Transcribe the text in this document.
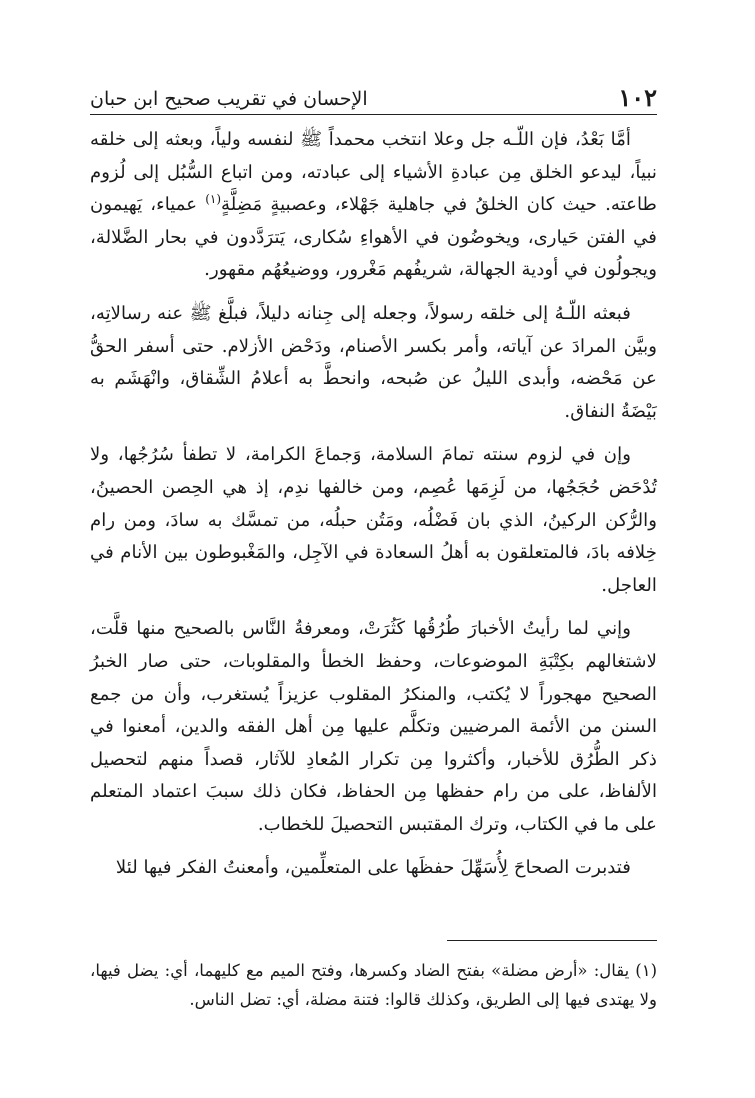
١٠٢
الإحسان في تقريب صحيح ابن حبان

أمَّا بَعْدُ، فإن اللّـه جل وعلا انتخب محمداً ﷺ لنفسه ولياً، وبعثه إلى خلقه نبياً، ليدعو الخلق مِن عبادةِ الأشياء إلى عبادته، ومن اتباع السُّبُل إلى لُزوم طاعته. حيث كان الخلقُ في جاهلية جَهْلاء، وعصبيةٍ مَضِلَّةٍ$^{(١)}$ عمياء، يَهيمون في الفتن حَيارى، ويخوضُون في الأهواءِ سُكارى، يَترَدَّدون في بحار الضَّلالة، ويجولُون في أودية الجهالة، شريفُهم مَغْرور، ووضيعُهُم مقهور.

فبعثه اللّـهُ إلى خلقه رسولاً، وجعله إلى جِنانه دليلاً، فبلَّغ ﷺ عنه رسالاتِه، وبيَّن المرادَ عن آياته، وأمر بكسر الأصنام، ودَحْض الأزلام. حتى أسفر الحقُّ عن مَحْضه، وأبدى الليلُ عن صُبحه، وانحطَّ به أعلامُ الشِّقاق، وانْهَشَم به بَيْضَةُ النفاق.

وإن في لزوم سنته تمامَ السلامة، وَجماعَ الكرامة، لا تطفأ سُرُجُها، ولا تُدْحَض حُجَجُها، من لَزِمَها عُصِم، ومن خالفها ندِم، إذ هي الحِصن الحصينُ، والرُّكن الركينُ، الذي بان فَضْلُه، ومَتُن حبلُه، من تمسَّك به سادَ، ومن رام خِلافه بادَ، فالمتعلقون به أهلُ السعادة في الآجِل، والمَغْبوطون بين الأنام في العاجل.

وإني لما رأيتُ الأخبارَ طُرُقُها كَثُرَتْ، ومعرفةُ النَّاس بالصحيح منها قلَّت، لاشتغالهم بكِتْبَةِ الموضوعات، وحفظ الخطأ والمقلوبات، حتى صار الخبرُ الصحيح مهجوراً لا يُكتب، والمنكرُ المقلوب عزيزاً يُستغرب، وأن من جمع السنن من الأئمة المرضيين وتكلَّم عليها مِن أهل الفقه والدين، أمعنوا في ذكر الطُّرُق للأخبار، وأكثروا مِن تكرار المُعادِ للآثار، قصداً منهم لتحصيل الألفاظ، على من رام حفظها مِن الحفاظ، فكان ذلك سببَ اعتماد المتعلم على ما في الكتاب، وترك المقتبس التحصيلَ للخطاب.

فتدبرت الصحاحَ لِأُسَهِّلَ حفظَها على المتعلِّمين، وأمعنتُ الفكر فيها لئلا

(١)يقال: «أرض مضلة» بفتح الضاد وكسرها، وفتح الميم مع كليهما، أي: يضل فيها، ولا يهتدى فيها إلى الطريق، وكذلك قالوا: فتنة مضلة، أي: تضل الناس.
